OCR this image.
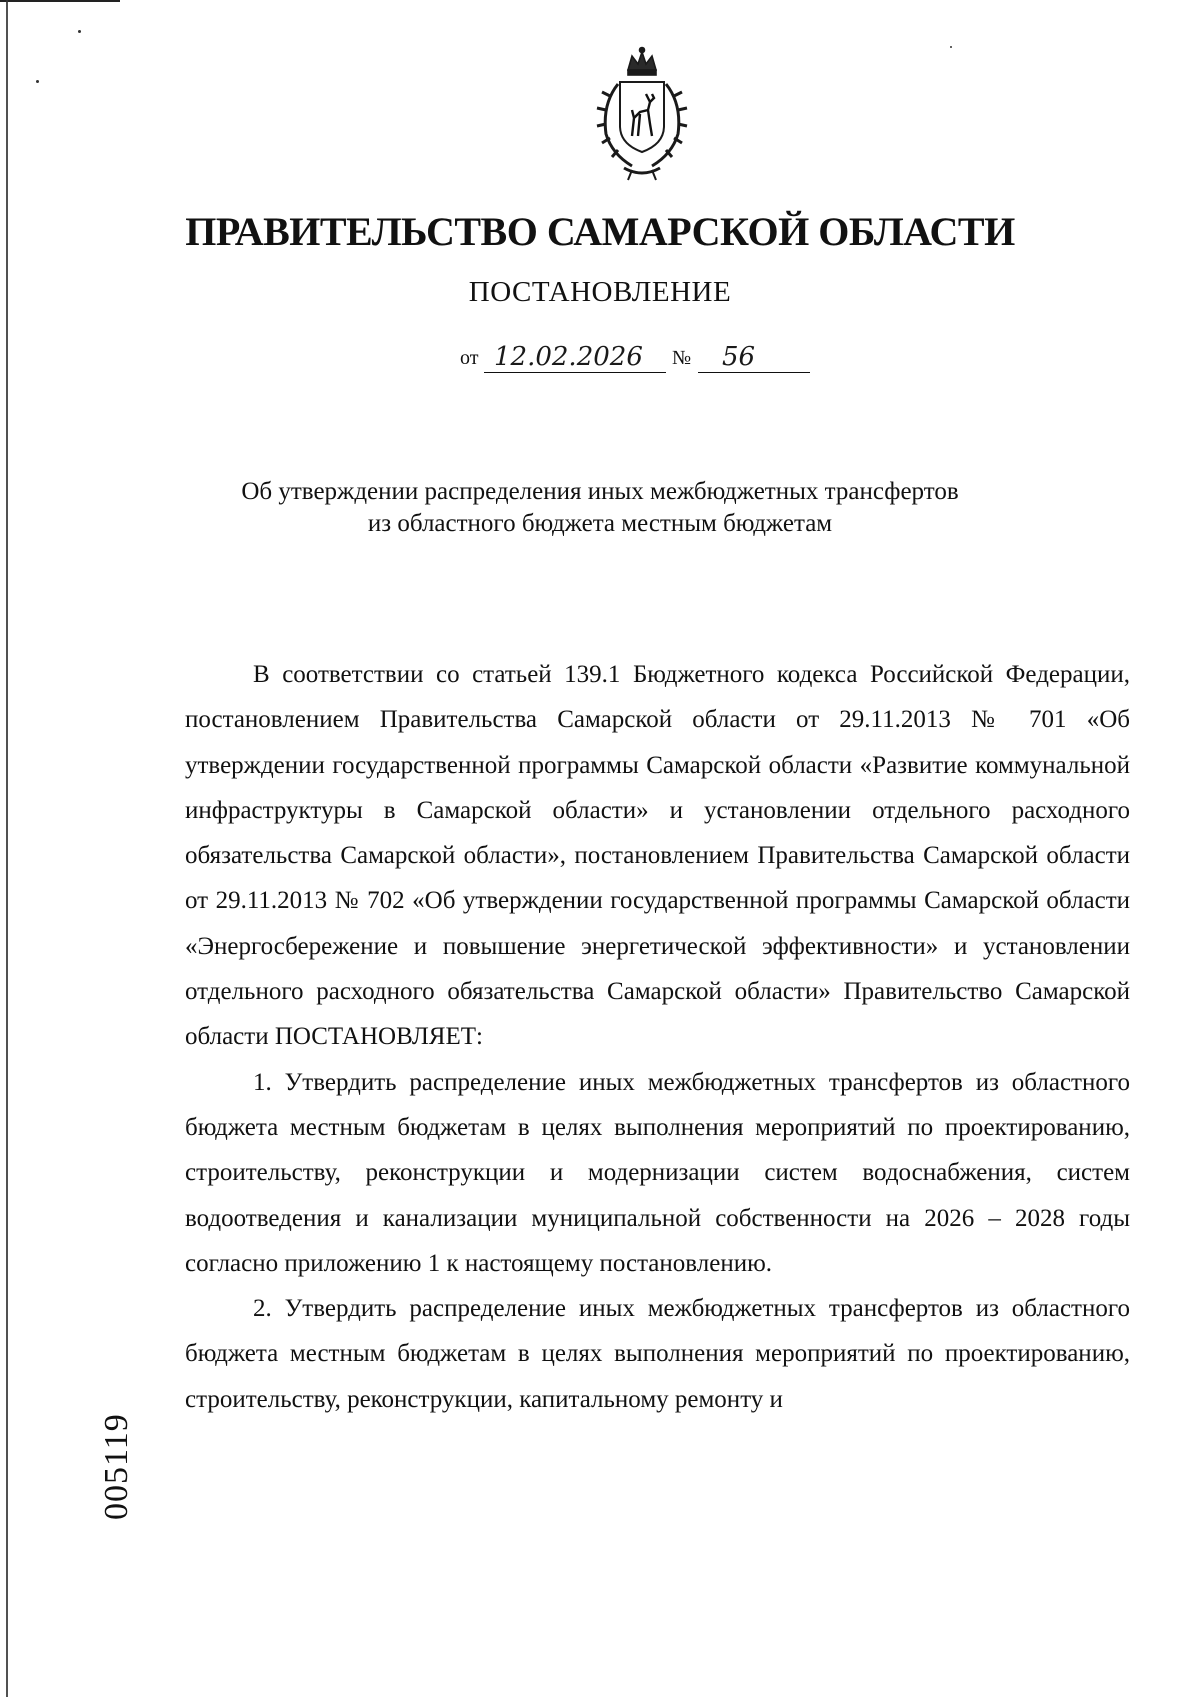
ПРАВИТЕЛЬСТВО САМАРСКОЙ ОБЛАСТИ
ПОСТАНОВЛЕНИЕ
от 12.02.2026 № 56
Об утверждении распределения иных межбюджетных трансфертов
из областного бюджета местным бюджетам

В соответствии со статьей 139.1 Бюджетного кодекса Российской Федерации, постановлением Правительства Самарской области от 29.11.2013 № 701 «Об утверждении государственной программы Самарской области «Развитие коммунальной инфраструктуры в Самарской области» и установлении отдельного расходного обязательства Самарской области», постановлением Правительства Самарской области от 29.11.2013 № 702 «Об утверждении государственной программы Самарской области «Энергосбережение и повышение энергетической эффективности» и установлении отдельного расходного обязательства Самарской области» Правительство Самарской области ПОСТАНОВЛЯЕТ:

1. Утвердить распределение иных межбюджетных трансфертов из областного бюджета местным бюджетам в целях выполнения мероприятий по проектированию, строительству, реконструкции и модернизации систем водоснабжения, систем водоотведения и канализации муниципальной собственности на 2026 – 2028 годы согласно приложению 1 к настоящему постановлению.

2. Утвердить распределение иных межбюджетных трансфертов из областного бюджета местным бюджетам в целях выполнения мероприятий по проектированию, строительству, реконструкции, капитальному ремонту и

005119
